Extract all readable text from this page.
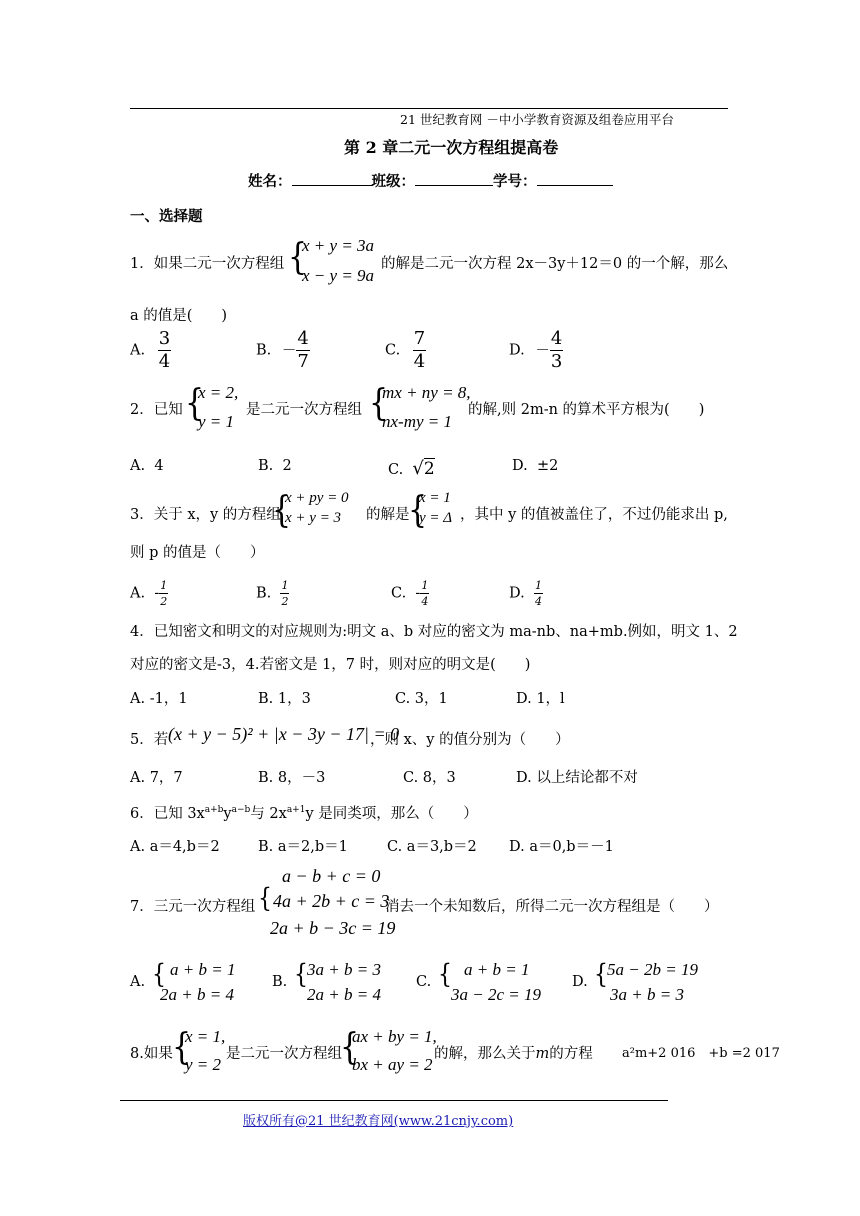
21 世纪教育网 －中小学教育资源及组卷应用平台
第 2 章二元一次方程组提高卷
姓名：	班级：	学号：
一、选择题
1．如果二元一次方程组 {
x + y = 3a
x − y = 9a
的解是二元一次方程 2x－3y＋12＝0 的一个解，那么
a 的值是(　　)
A. $\frac{3}{4}$	B. － $\frac{4}{7}$	C. $\frac{7}{4}$	D. － $\frac{4}{3}$
2．已知 {
x = 2,
y = 1
是二元一次方程组 {
mx + ny = 8,
nx-my = 1
的解,则 2m-n 的算术平方根为(　　)
A. 4	B. 2	C. √2	D. ±2
3．关于 x，y 的方程组
{
x + py = 0
x + y = 3 的解是
{
x = 1
y = Δ ，其中 y 的值被盖住了，不过仍能求出 p,
则 p 的值是（　　）
A. - $\frac{1}{2}$	B. $\frac{1}{2}$	C. - $\frac{1}{4}$	D. $\frac{1}{4}$
4．已知密文和明文的对应规则为:明文 a、b 对应的密文为 ma-nb、na+mb.例如，明文 1、2
对应的密文是-3，4.若密文是 1，7 时，则对应的明文是(　　)
A. -1，1	B. 1，3	C. 3，1	D. 1，l
5．若 (x + y − 5)² + |x − 3y − 17| = 0
，则 x、y 的值分别为（　　）
A. 7，7	B. 8，－3	C. 8，3	D. 以上结论都不对
6．已知 $3x^{a+b}y^{a-b}$与 $2x^{a+1}y$ 是同类项，那么（　　）
A. a＝4,b＝2	B. a＝2,b＝1	C. a＝3,b＝2 D. a＝0,b＝－1
a − b + c = 0
7．三元一次方程组 { 4a + 2b + c = 3
消去一个未知数后，所得二元一次方程组是（　　）
2a + b − 3c = 19
A. { a + b = 1
2a + b = 4
B. { 3a + b = 3
2a + b = 4
C. { a + b = 1
3a − 2c = 19
D. { 5a − 2b = 19
3a + b = 3
8.如果 {
x = 1,
y = 2
是二元一次方程组
{
ax + by = 1,
bx + ay = 2
的解，那么关于m的方程 a²m+2 016　+b =2 017
版权所有@21 世纪教育网(www.21cnjy.com)
